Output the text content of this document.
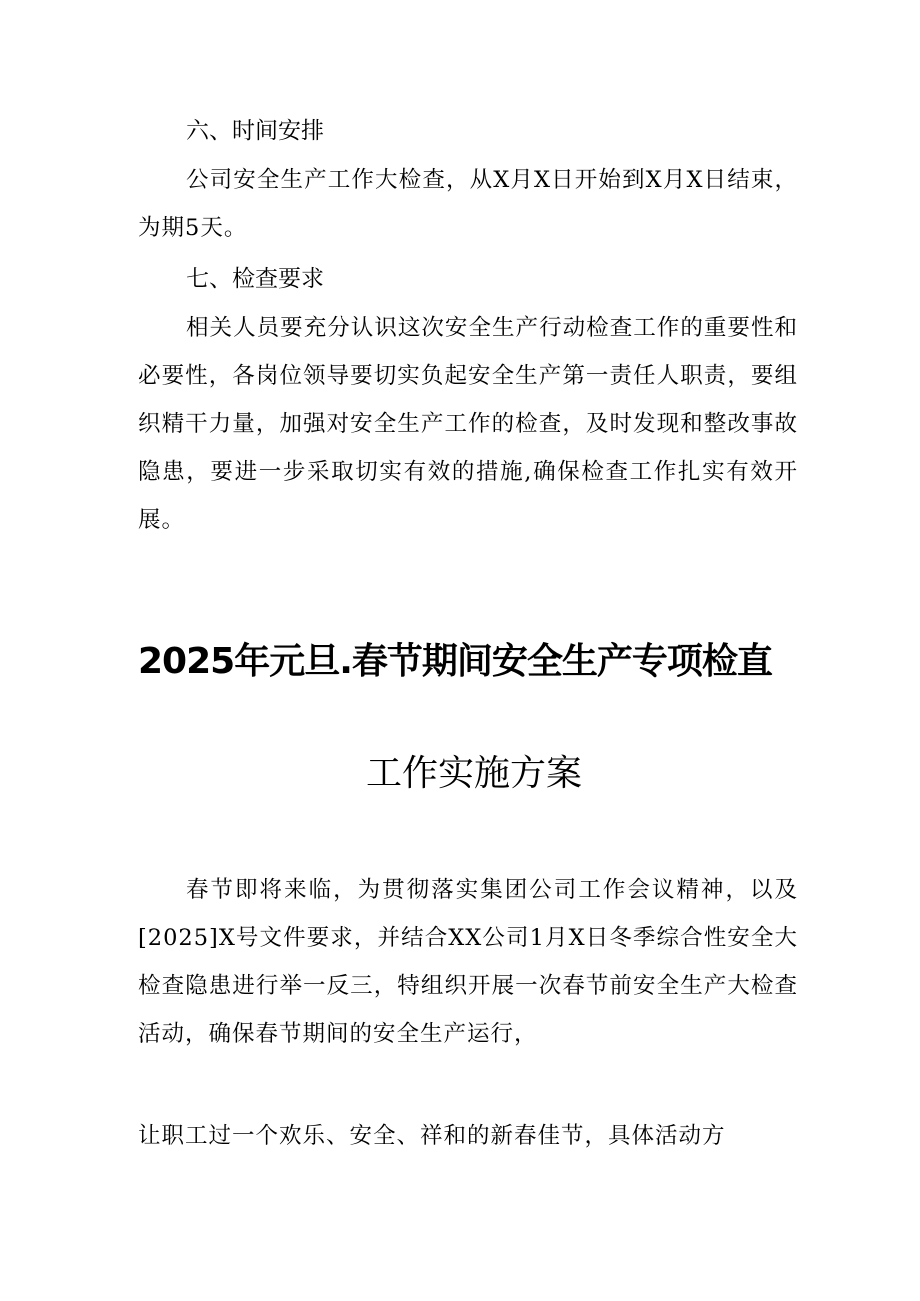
六、时间安排
公司安全生产工作大检查，从X月X日开始到X月X日结束，为期5天。
七、检查要求
相关人员要充分认识这次安全生产行动检查工作的重要性和必要性，各岗位领导要切实负起安全生产第一责任人职责，要组织精干力量，加强对安全生产工作的检查，及时发现和整改事故隐患，要进一步采取切实有效的措施,确保检查工作扎实有效开展。
2025年元旦.春节期间安全生产专项检直
工作实施方案
春节即将来临，为贯彻落实集团公司工作会议精神，以及[2025]X号文件要求，并结合XX公司1月X日冬季综合性安全大检查隐患进行举一反三，特组织开展一次春节前安全生产大检查活动，确保春节期间的安全生产运行，
让职工过一个欢乐、安全、祥和的新春佳节，具体活动方
